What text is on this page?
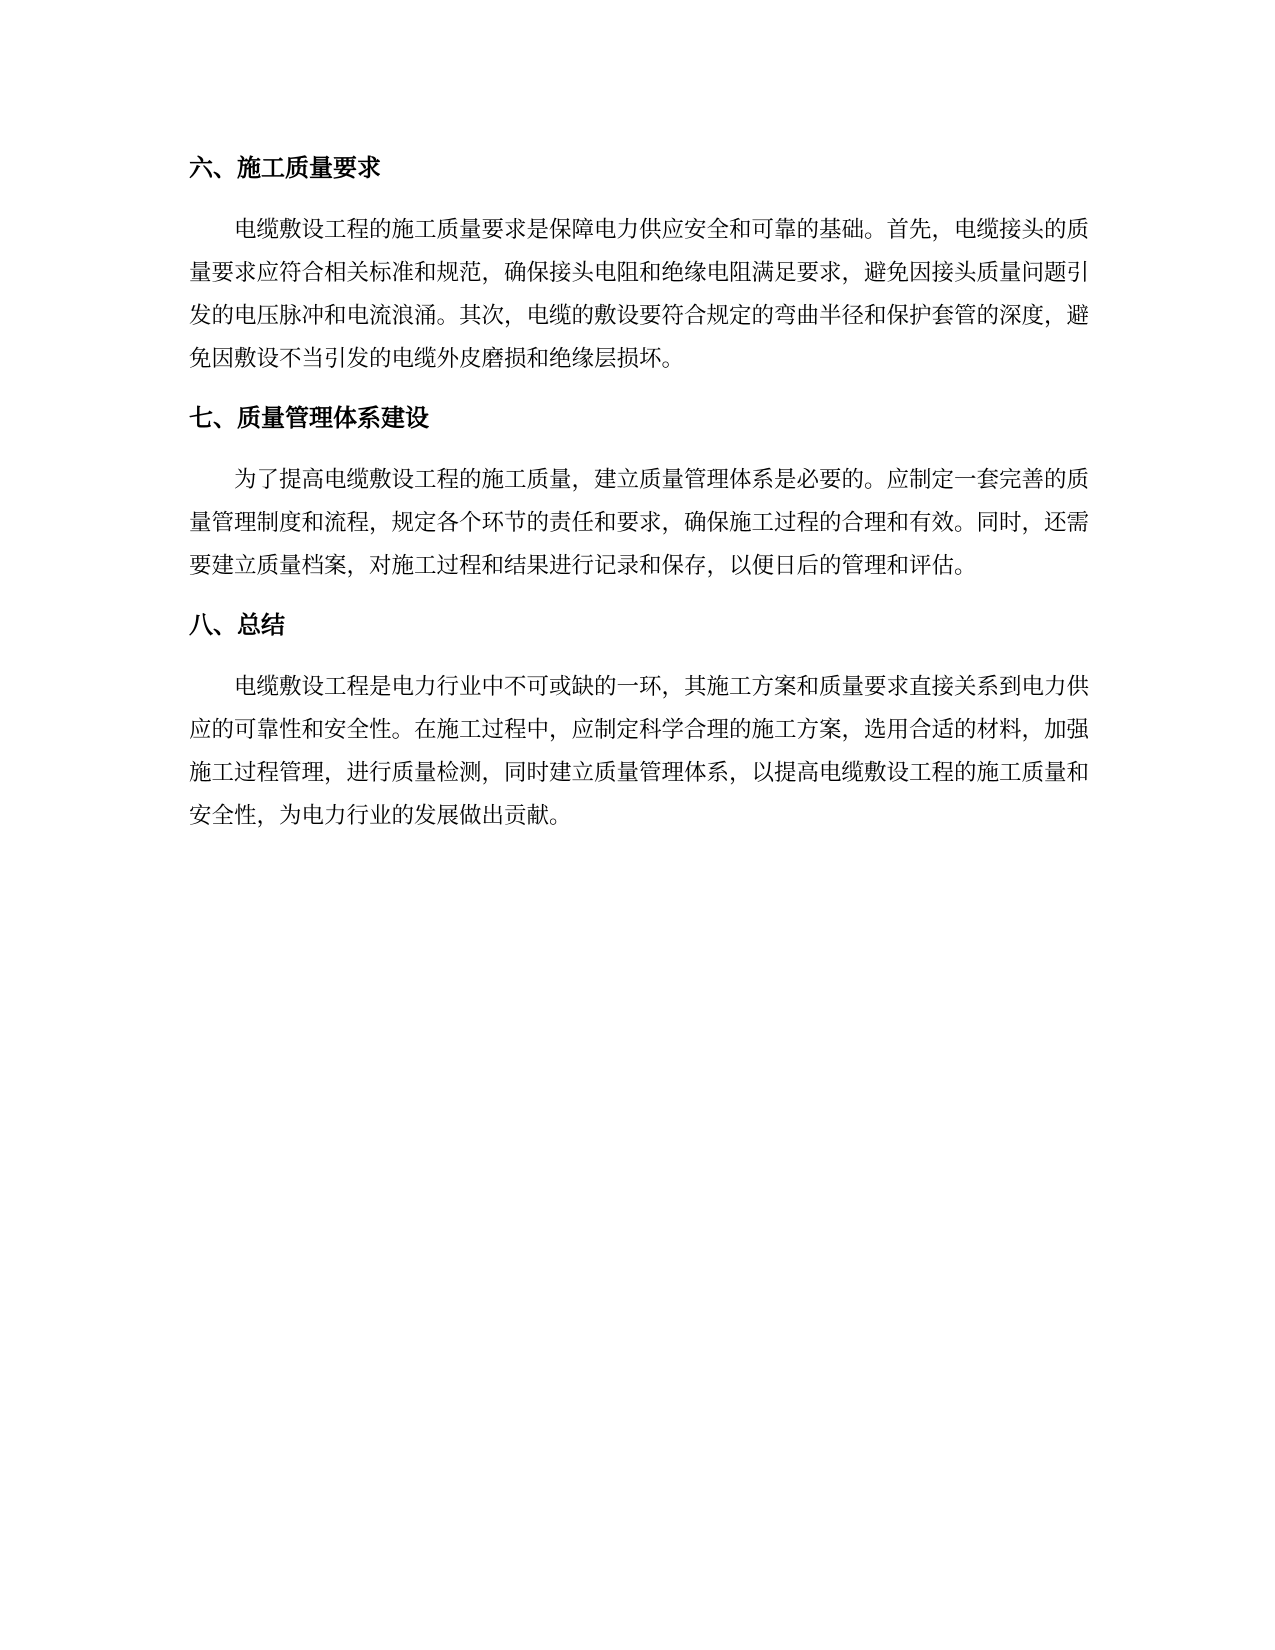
六、施工质量要求

电缆敷设工程的施工质量要求是保障电力供应安全和可靠的基础。首先，电缆接头的质量要求应符合相关标准和规范，确保接头电阻和绝缘电阻满足要求，避免因接头质量问题引发的电压脉冲和电流浪涌。其次，电缆的敷设要符合规定的弯曲半径和保护套管的深度，避免因敷设不当引发的电缆外皮磨损和绝缘层损坏。

七、质量管理体系建设

为了提高电缆敷设工程的施工质量，建立质量管理体系是必要的。应制定一套完善的质量管理制度和流程，规定各个环节的责任和要求，确保施工过程的合理和有效。同时，还需要建立质量档案，对施工过程和结果进行记录和保存，以便日后的管理和评估。

八、总结

电缆敷设工程是电力行业中不可或缺的一环，其施工方案和质量要求直接关系到电力供应的可靠性和安全性。在施工过程中，应制定科学合理的施工方案，选用合适的材料，加强施工过程管理，进行质量检测，同时建立质量管理体系，以提高电缆敷设工程的施工质量和安全性，为电力行业的发展做出贡献。
